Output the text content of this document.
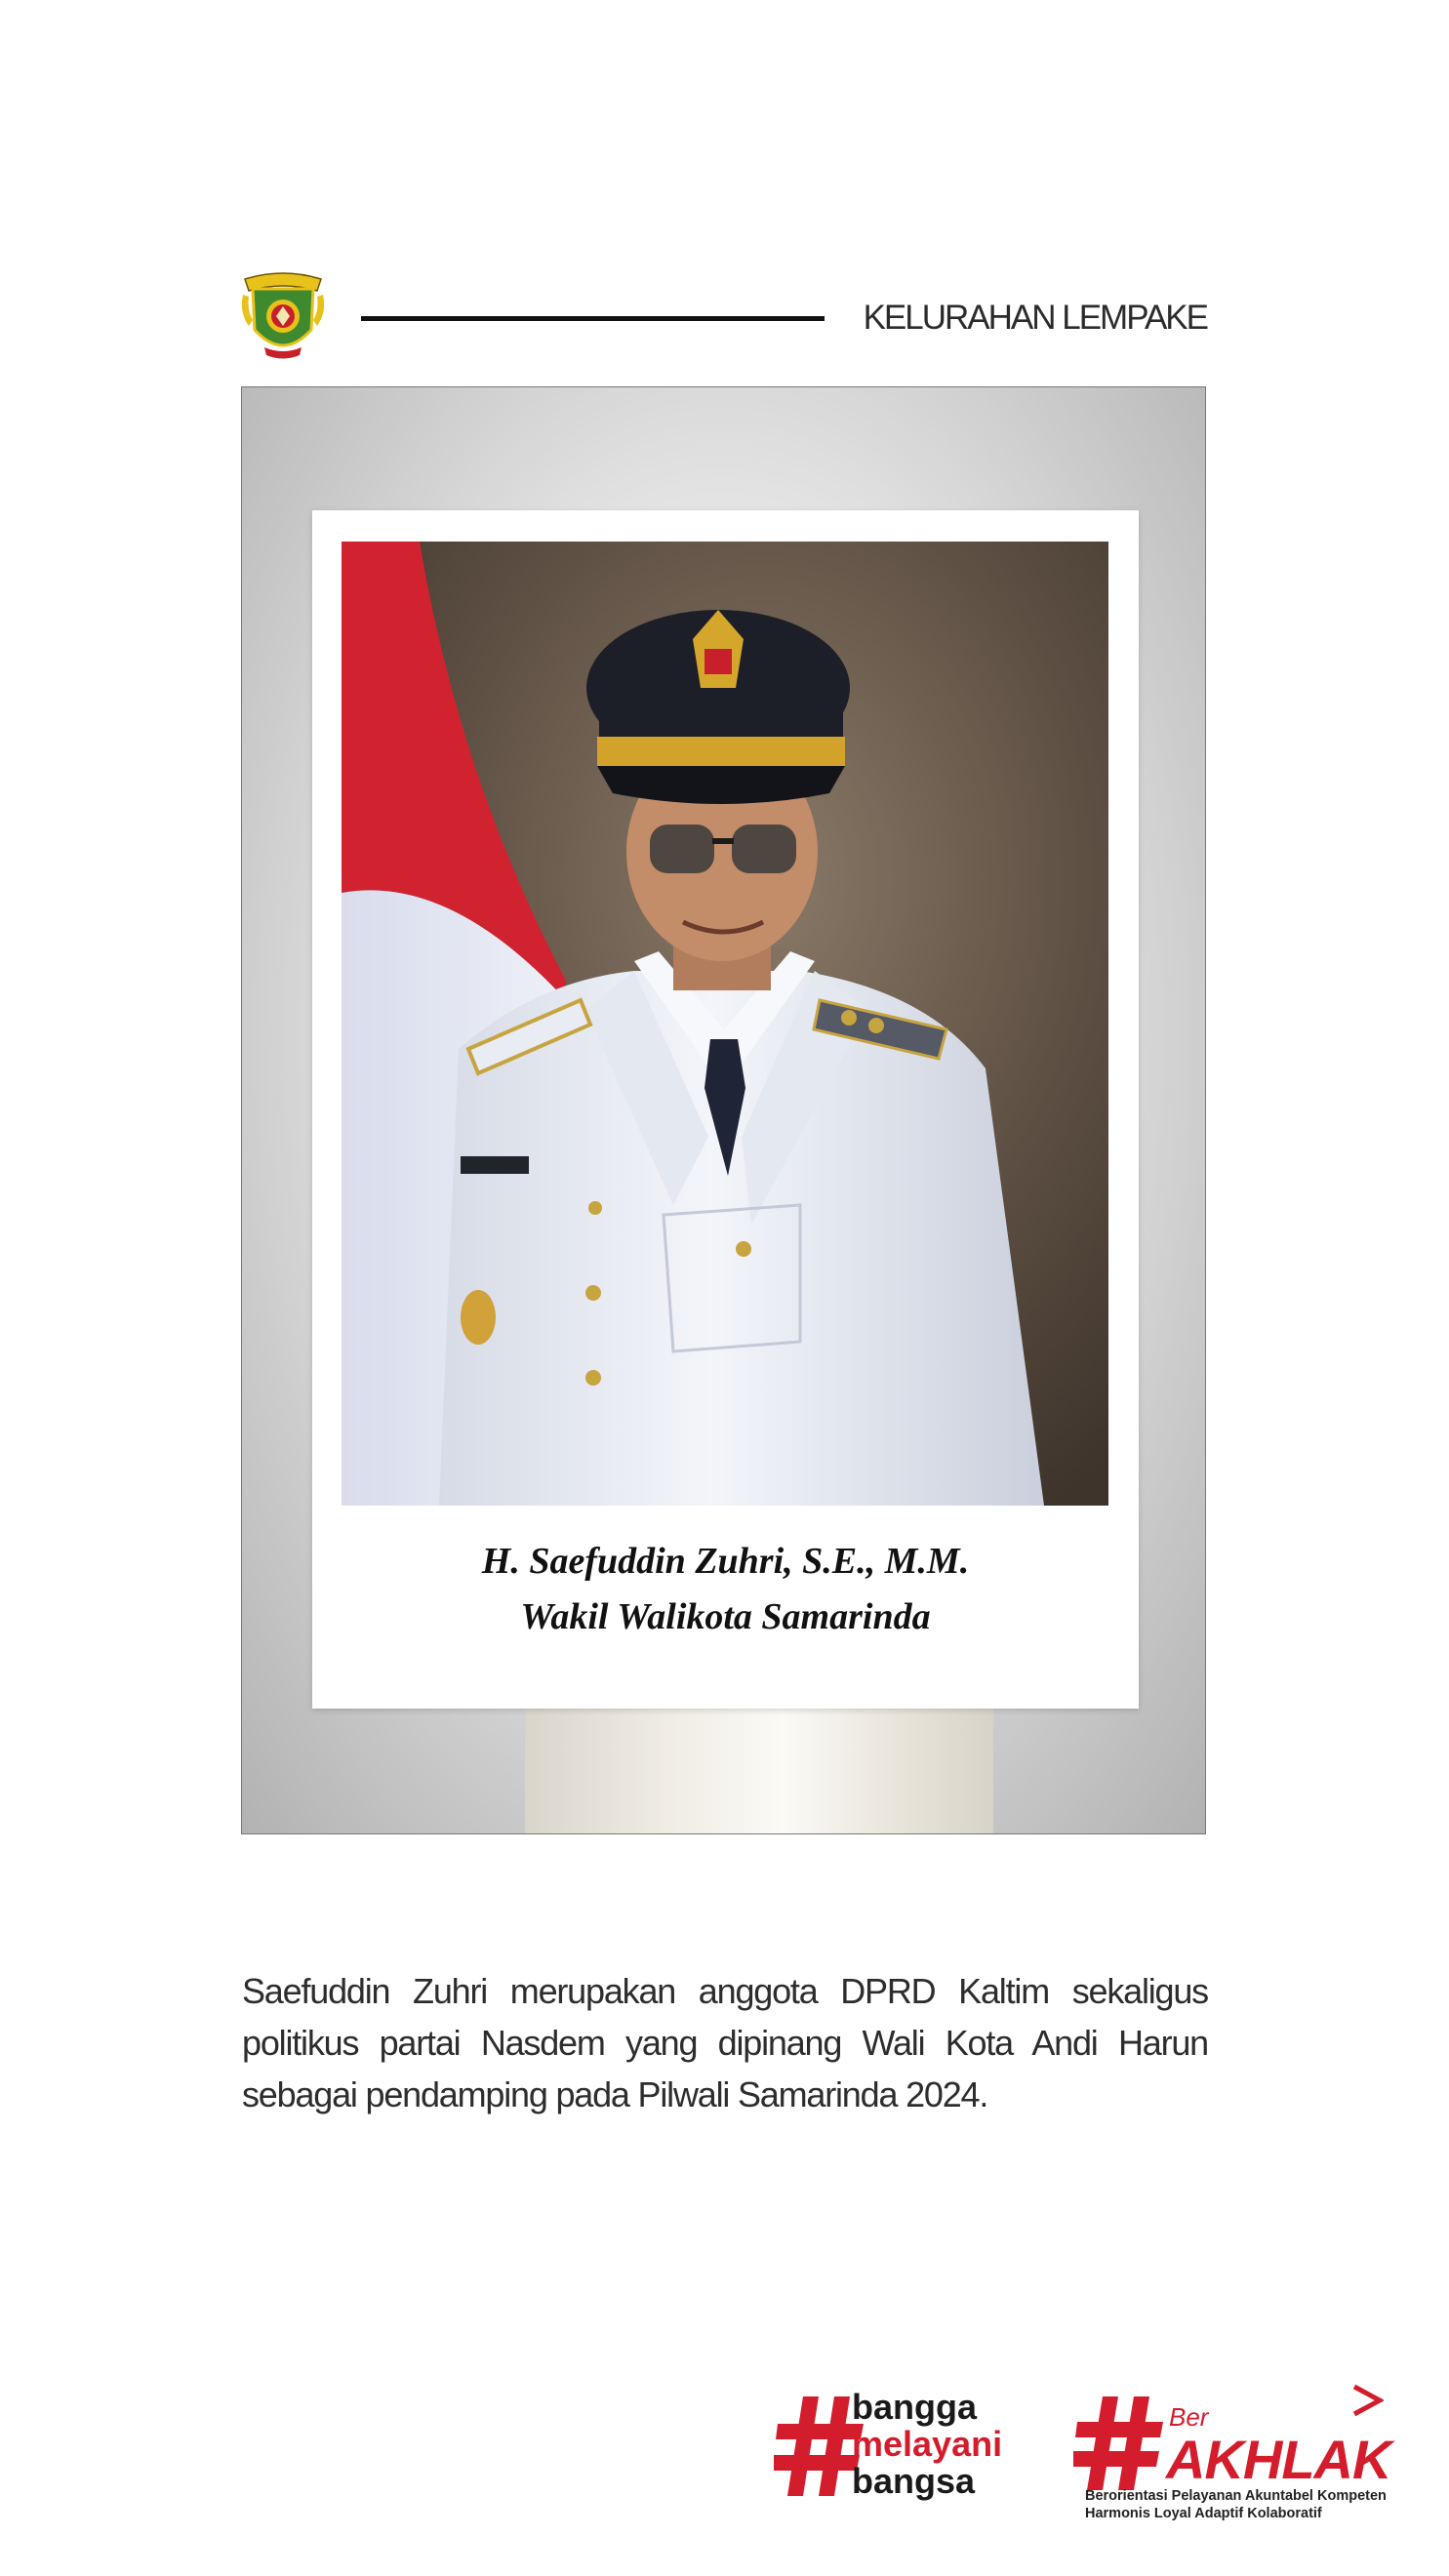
KELURAHAN LEMPAKE
H. Saefuddin Zuhri, S.E., M.M.
Wakil Walikota Samarinda
Saefuddin Zuhri merupakan anggota DPRD Kaltim sekaligus politikus partai Nasdem yang dipinang Wali Kota Andi Harun sebagai pendamping pada Pilwali Samarinda 2024.
bangga
melayani
bangsa
Ber
AKHLAK
Berorientasi Pelayanan Akuntabel Kompeten
Harmonis Loyal Adaptif Kolaboratif
